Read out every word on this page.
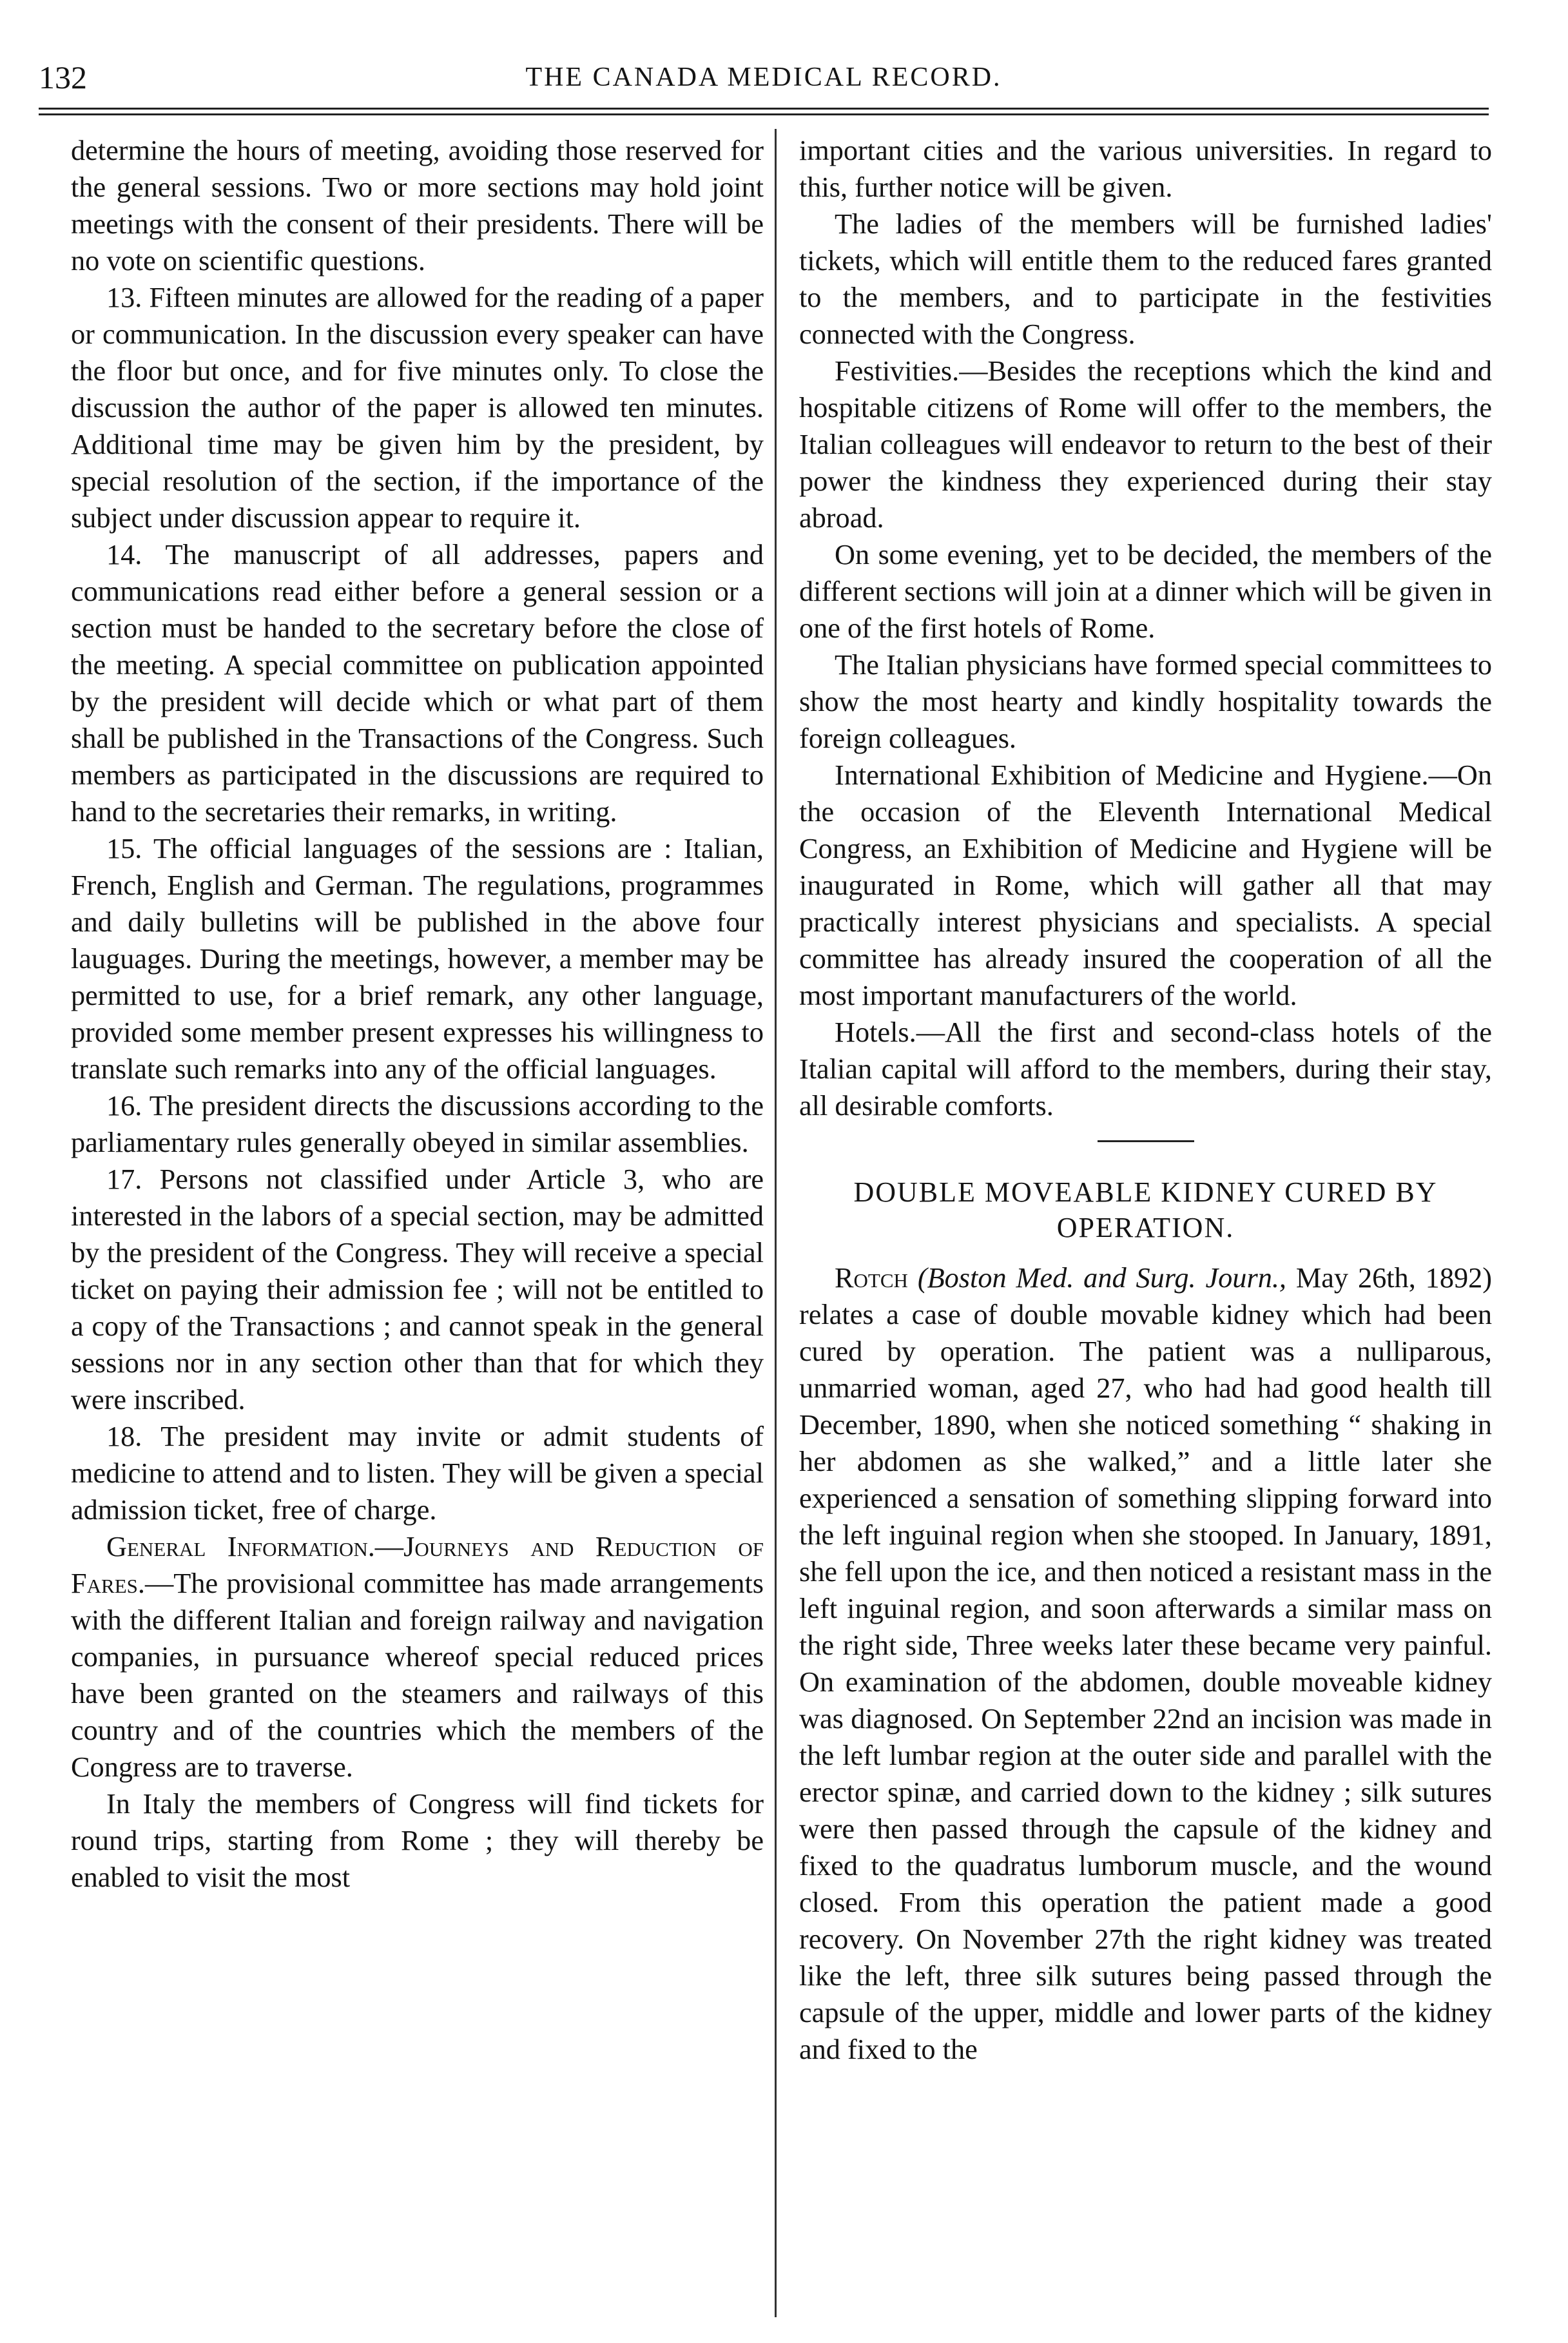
132	THE CANADA MEDICAL RECORD.

determine the hours of meeting, avoiding those reserved for the general sessions. Two or more sections may hold joint meetings with the consent of their presidents. There will be no vote on scientific questions.

13. Fifteen minutes are allowed for the reading of a paper or communication. In the discussion every speaker can have the floor but once, and for five minutes only. To close the discussion the author of the paper is allowed ten minutes. Additional time may be given him by the president, by special resolution of the section, if the importance of the subject under discussion appear to require it.

14. The manuscript of all addresses, papers and communications read either before a general session or a section must be handed to the secretary before the close of the meeting. A special committee on publication appointed by the president will decide which or what part of them shall be published in the Transactions of the Congress. Such members as participated in the discussions are required to hand to the secretaries their remarks, in writing.

15. The official languages of the sessions are : Italian, French, English and German. The regulations, programmes and daily bulletins will be published in the above four lauguages. During the meetings, however, a member may be permitted to use, for a brief remark, any other language, provided some member present expresses his willingness to translate such remarks into any of the official languages.

16. The president directs the discussions according to the parliamentary rules generally obeyed in similar assemblies.

17. Persons not classified under Article 3, who are interested in the labors of a special section, may be admitted by the president of the Congress. They will receive a special ticket on paying their admission fee ; will not be entitled to a copy of the Transactions ; and cannot speak in the general sessions nor in any section other than that for which they were inscribed.

18. The president may invite or admit students of medicine to attend and to listen. They will be given a special admission ticket, free of charge.

General Information.—Journeys and Reduction of Fares.—The provisional committee has made arrangements with the different Italian and foreign railway and navigation companies, in pursuance whereof special reduced prices have been granted on the steamers and railways of this country and of the countries which the members of the Congress are to traverse.

In Italy the members of Congress will find tickets for round trips, starting from Rome ; they will thereby be enabled to visit the most

important cities and the various universities. In regard to this, further notice will be given.

The ladies of the members will be furnished ladies' tickets, which will entitle them to the reduced fares granted to the members, and to participate in the festivities connected with the Congress.

Festivities.—Besides the receptions which the kind and hospitable citizens of Rome will offer to the members, the Italian colleagues will endeavor to return to the best of their power the kindness they experienced during their stay abroad.

On some evening, yet to be decided, the members of the different sections will join at a dinner which will be given in one of the first hotels of Rome.

The Italian physicians have formed special committees to show the most hearty and kindly hospitality towards the foreign colleagues.

International Exhibition of Medicine and Hygiene.—On the occasion of the Eleventh International Medical Congress, an Exhibition of Medicine and Hygiene will be inaugurated in Rome, which will gather all that may practically interest physicians and specialists. A special committee has already insured the cooperation of all the most important manufacturers of the world.

Hotels.—All the first and second-class hotels of the Italian capital will afford to the members, during their stay, all desirable comforts.

DOUBLE MOVEABLE KIDNEY CURED BY OPERATION.

Rotch (Boston Med. and Surg. Journ., May 26th, 1892) relates a case of double movable kidney which had been cured by operation. The patient was a nulliparous, unmarried woman, aged 27, who had had good health till December, 1890, when she noticed something “ shaking in her abdomen as she walked,” and a little later she experienced a sensation of something slipping forward into the left inguinal region when she stooped. In January, 1891, she fell upon the ice, and then noticed a resistant mass in the left inguinal region, and soon afterwards a similar mass on the right side, Three weeks later these became very painful. On examination of the abdomen, double moveable kidney was diagnosed. On September 22nd an incision was made in the left lumbar region at the outer side and parallel with the erector spinæ, and carried down to the kidney ; silk sutures were then passed through the capsule of the kidney and fixed to the quadratus lumborum muscle, and the wound closed. From this operation the patient made a good recovery. On November 27th the right kidney was treated like the left, three silk sutures being passed through the capsule of the upper, middle and lower parts of the kidney and fixed to the
